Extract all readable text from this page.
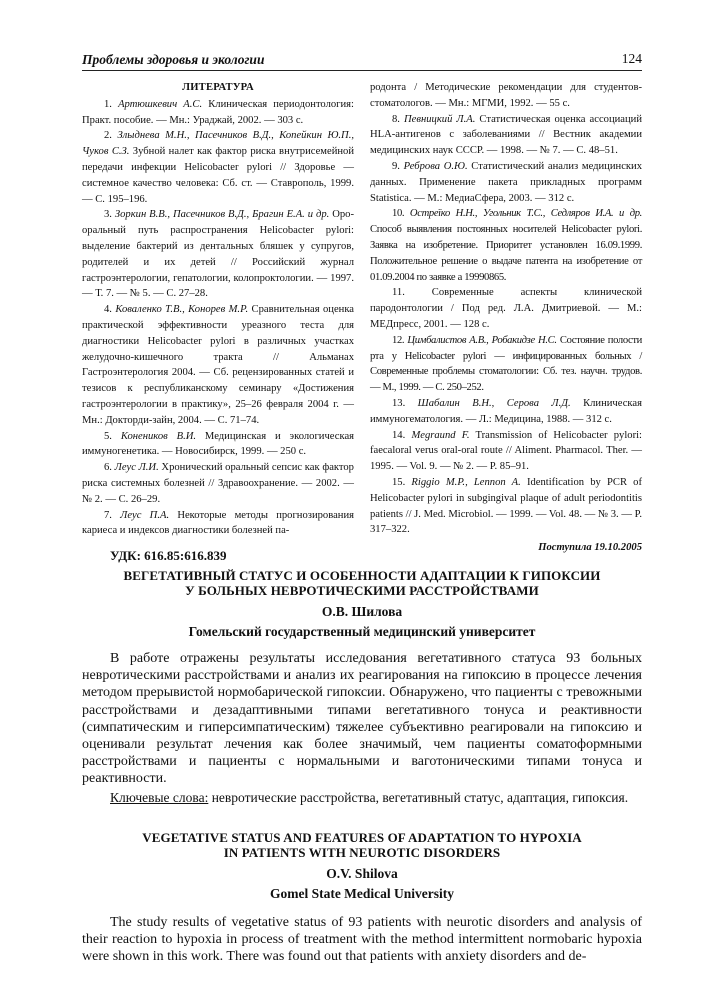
Проблемы здоровья и экологии	124

ЛИТЕРАТУРА

1. Артюшкевич А.С. Клиническая периодонтология: Практ. пособие. — Мн.: Ураджай, 2002. — 303 с.

2. Злыднева М.Н., Пасечников В.Д., Копейкин Ю.П., Чуков С.З. Зубной налет как фактор риска внутрисемейной передачи инфекции Helicobacter pylori // Здоровье — системное качество человека: Сб. ст. — Ставрополь, 1999. — С. 195–196.

3. Зоркин В.В., Пасечников В.Д., Брагин Е.А. и др. Оро-оральный путь распространения Helicobacter pylori: выделение бактерий из дентальных бляшек у супругов, родителей и их детей // Российский журнал гастроэнтерологии, гепатологии, колопроктологии. — 1997. — Т. 7. — № 5. — С. 27–28.

4. Коваленко Т.В., Конорев М.Р. Сравнительная оценка практической эффективности уреазного теста для диагностики Helicobacter pylori в различных участках желудочно-кишечного тракта // Альманах Гастроэнтерология 2004. — Сб. рецензированных статей и тезисов к республиканскому семинару «Достижения гастроэнтерологии в практику», 25–26 февраля 2004 г. — Мн.: Докторди-зайн, 2004. — С. 71–74.

5. Конеников В.И. Медицинская и экологическая иммуногенетика. — Новосибирск, 1999. — 250 с.

6. Леус Л.И. Хронический оральный сепсис как фактор риска системных болезней // Здравоохранение. — 2002. — № 2. — С. 26–29.

7. Леус П.А. Некоторые методы прогнозирования кариеса и индексов диагностики болезней па-

родонта / Методические рекомендации для студентов-стоматологов. — Мн.: МГМИ, 1992. — 55 с.

8. Певницкий Л.А. Статистическая оценка ассоциаций HLA-антигенов с заболеваниями // Вестник академии медицинских наук СССР. — 1998. — № 7. — С. 48–51.

9. Реброва О.Ю. Статистический анализ медицинских данных. Применение пакета прикладных программ Statistica. — М.: МедиаСфера, 2003. — 312 с.

10. Остреїко Н.Н., Угольник Т.С., Седляров И.А. и др. Способ выявления постоянных носителей Helicobacter pylori. Заявка на изобретение. Приоритет установлен 16.09.1999. Положительное решение о выдаче патента на изобретение от 01.09.2004 по заявке а 19990865.

11. Современные аспекты клинической пародонтологии / Под ред. Л.А. Дмитриевой. — М.: МЕДпресс, 2001. — 128 с.

12. Цимбалистов А.В., Робакидзе Н.С. Состояние полости рта у Helicobacter pylori — инфицированных больных / Современные проблемы стоматологии: Сб. тез. научн. трудов. — М., 1999. — С. 250–252.

13. Шабалин В.Н., Серова Л.Д. Клиническая иммуногематология. — Л.: Медицина, 1988. — 312 с.

14. Megraund F. Transmission of Helicobacter pylori: faecaloral verus oral-oral route // Aliment. Pharmacol. Ther. — 1995. — Vol. 9. — № 2. — P. 85–91.

15. Riggio M.P., Lennon A. Identification by PCR of Helicobacter pylori in subgingival plaque of adult periodontitis patients // J. Med. Microbiol. — 1999. — Vol. 48. — № 3. — P. 317–322.

Поступила 19.10.2005

УДК: 616.85:616.839

ВЕГЕТАТИВНЫЙ СТАТУС И ОСОБЕННОСТИ АДАПТАЦИИ К ГИПОКСИИ

У БОЛЬНЫХ НЕВРОТИЧЕСКИМИ РАССТРОЙСТВАМИ

О.В. Шилова

Гомельский государственный медицинский университет

В работе отражены результаты исследования вегетативного статуса 93 больных невротическими расстройствами и анализ их реагирования на гипоксию в процессе лечения методом прерывистой нормобарической гипоксии. Обнаружено, что пациенты с тревожными расстройствами и дезадаптивными типами вегетативного тонуса и реактивности (симпатическим и гиперсимпатическим) тяжелее субъективно реагировали на гипоксию и оценивали результат лечения как более значимый, чем пациенты соматоформными расстройствами и пациенты с нормальными и ваготоническими типами тонуса и реактивности.

Ключевые слова: невротические расстройства, вегетативный статус, адаптация, гипоксия.

VEGETATIVE STATUS AND FEATURES OF ADAPTATION TO HYPOXIA

IN PATIENTS WITH NEUROTIC DISORDERS

O.V. Shilova

Gomel State Medical University

The study results of vegetative status of 93 patients with neurotic disorders and analysis of their reaction to hypoxia in process of treatment with the method intermittent normobaric hypoxia were shown in this work. There was found out that patients with anxiety disorders and de-
